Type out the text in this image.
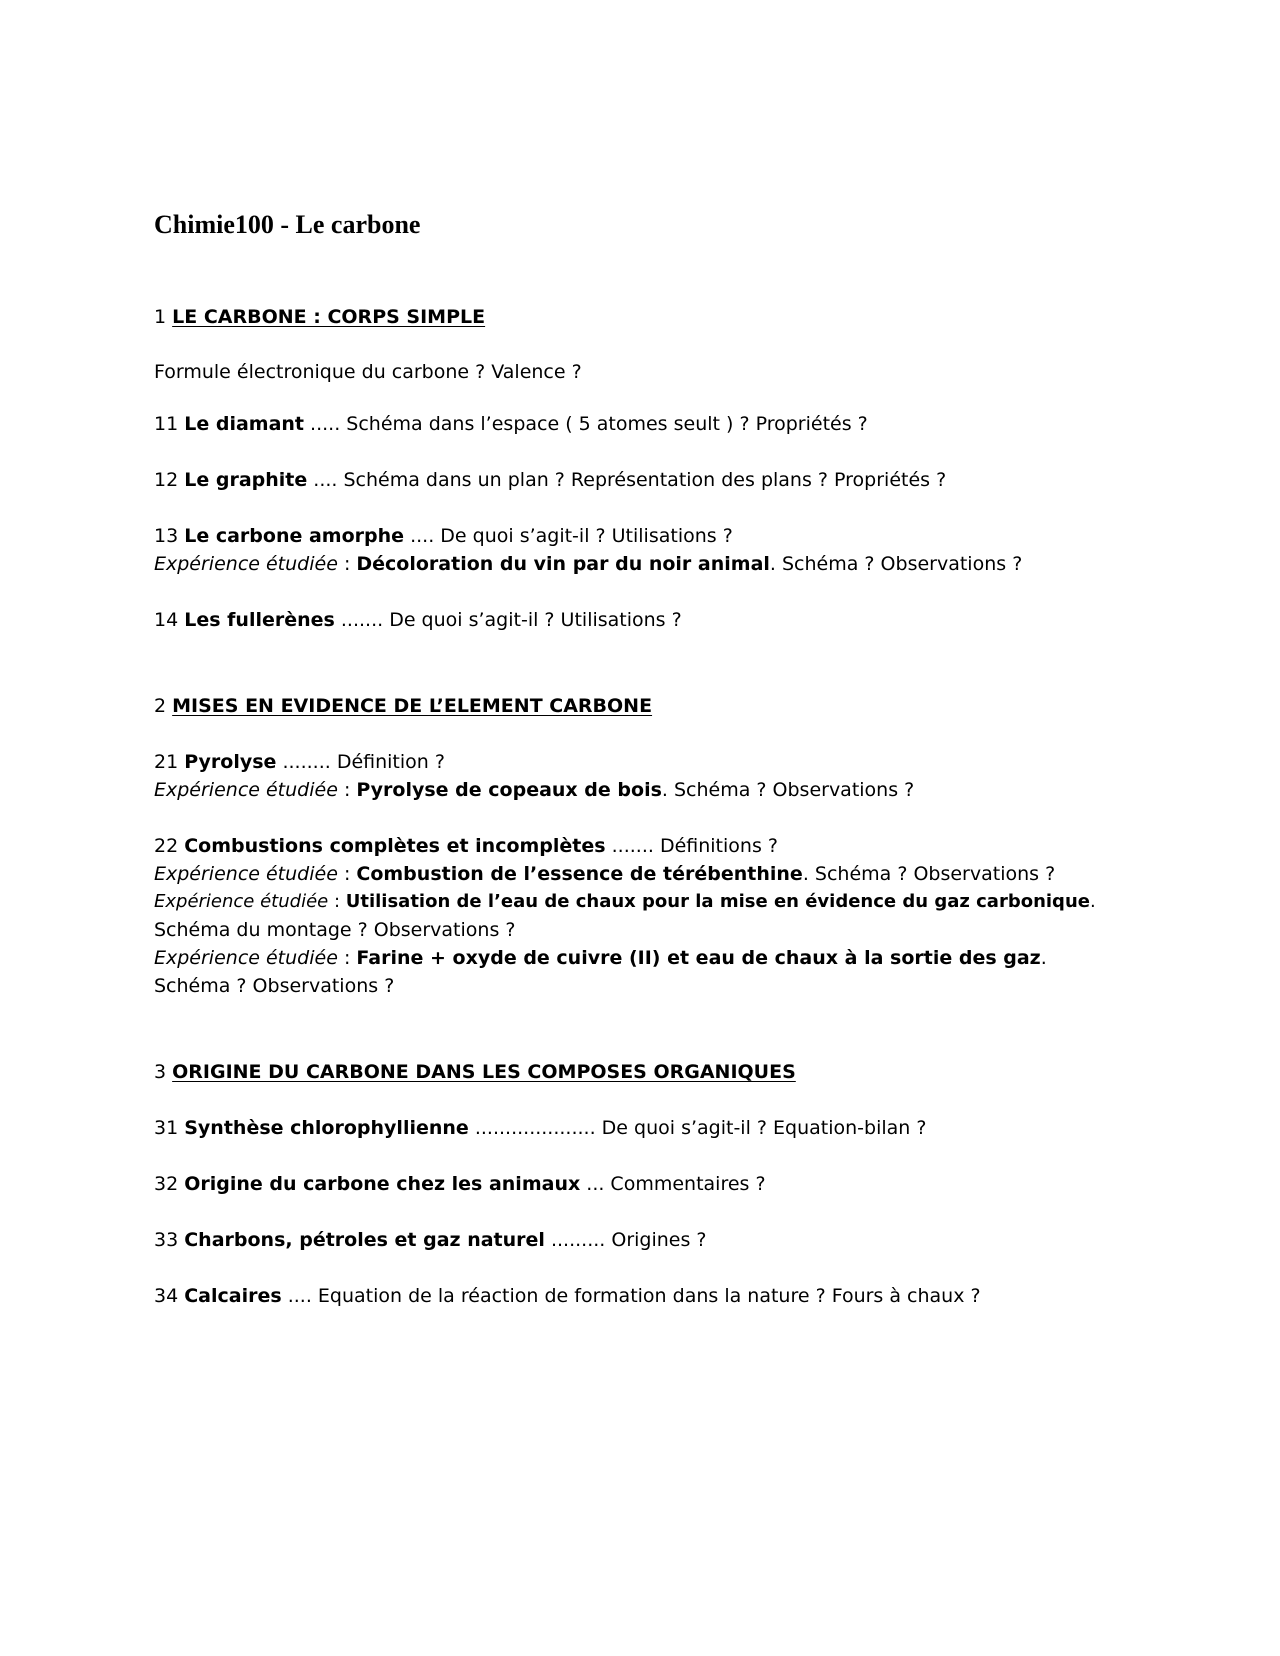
Chimie100 - Le carbone
1 LE CARBONE : CORPS SIMPLE
Formule électronique du carbone ? Valence ?
11 Le diamant ..... Schéma dans l’espace ( 5 atomes seult ) ? Propriétés ?
12 Le graphite .... Schéma dans un plan ? Représentation des plans ? Propriétés ?
13 Le carbone amorphe .... De quoi s’agit-il ? Utilisations ?
Expérience étudiée : Décoloration du vin par du noir animal. Schéma ? Observations ?
14 Les fullerènes ....... De quoi s’agit-il ? Utilisations ?
2 MISES EN EVIDENCE DE L’ELEMENT CARBONE
21 Pyrolyse ........ Définition ?
Expérience étudiée : Pyrolyse de copeaux de bois. Schéma ? Observations ?
22 Combustions complètes et incomplètes ....... Définitions ?
Expérience étudiée : Combustion de l’essence de térébenthine. Schéma ? Observations ?
Expérience étudiée : Utilisation de l’eau de chaux pour la mise en évidence du gaz carbonique.
Schéma du montage ? Observations ?
Expérience étudiée : Farine + oxyde de cuivre (II) et eau de chaux à la sortie des gaz.
Schéma ? Observations ?
3 ORIGINE DU CARBONE DANS LES COMPOSES ORGANIQUES
31 Synthèse chlorophyllienne .................... De quoi s’agit-il ? Equation-bilan ?
32 Origine du carbone chez les animaux ... Commentaires ?
33 Charbons, pétroles et gaz naturel ......... Origines ?
34 Calcaires .... Equation de la réaction de formation dans la nature ? Fours à chaux ?
